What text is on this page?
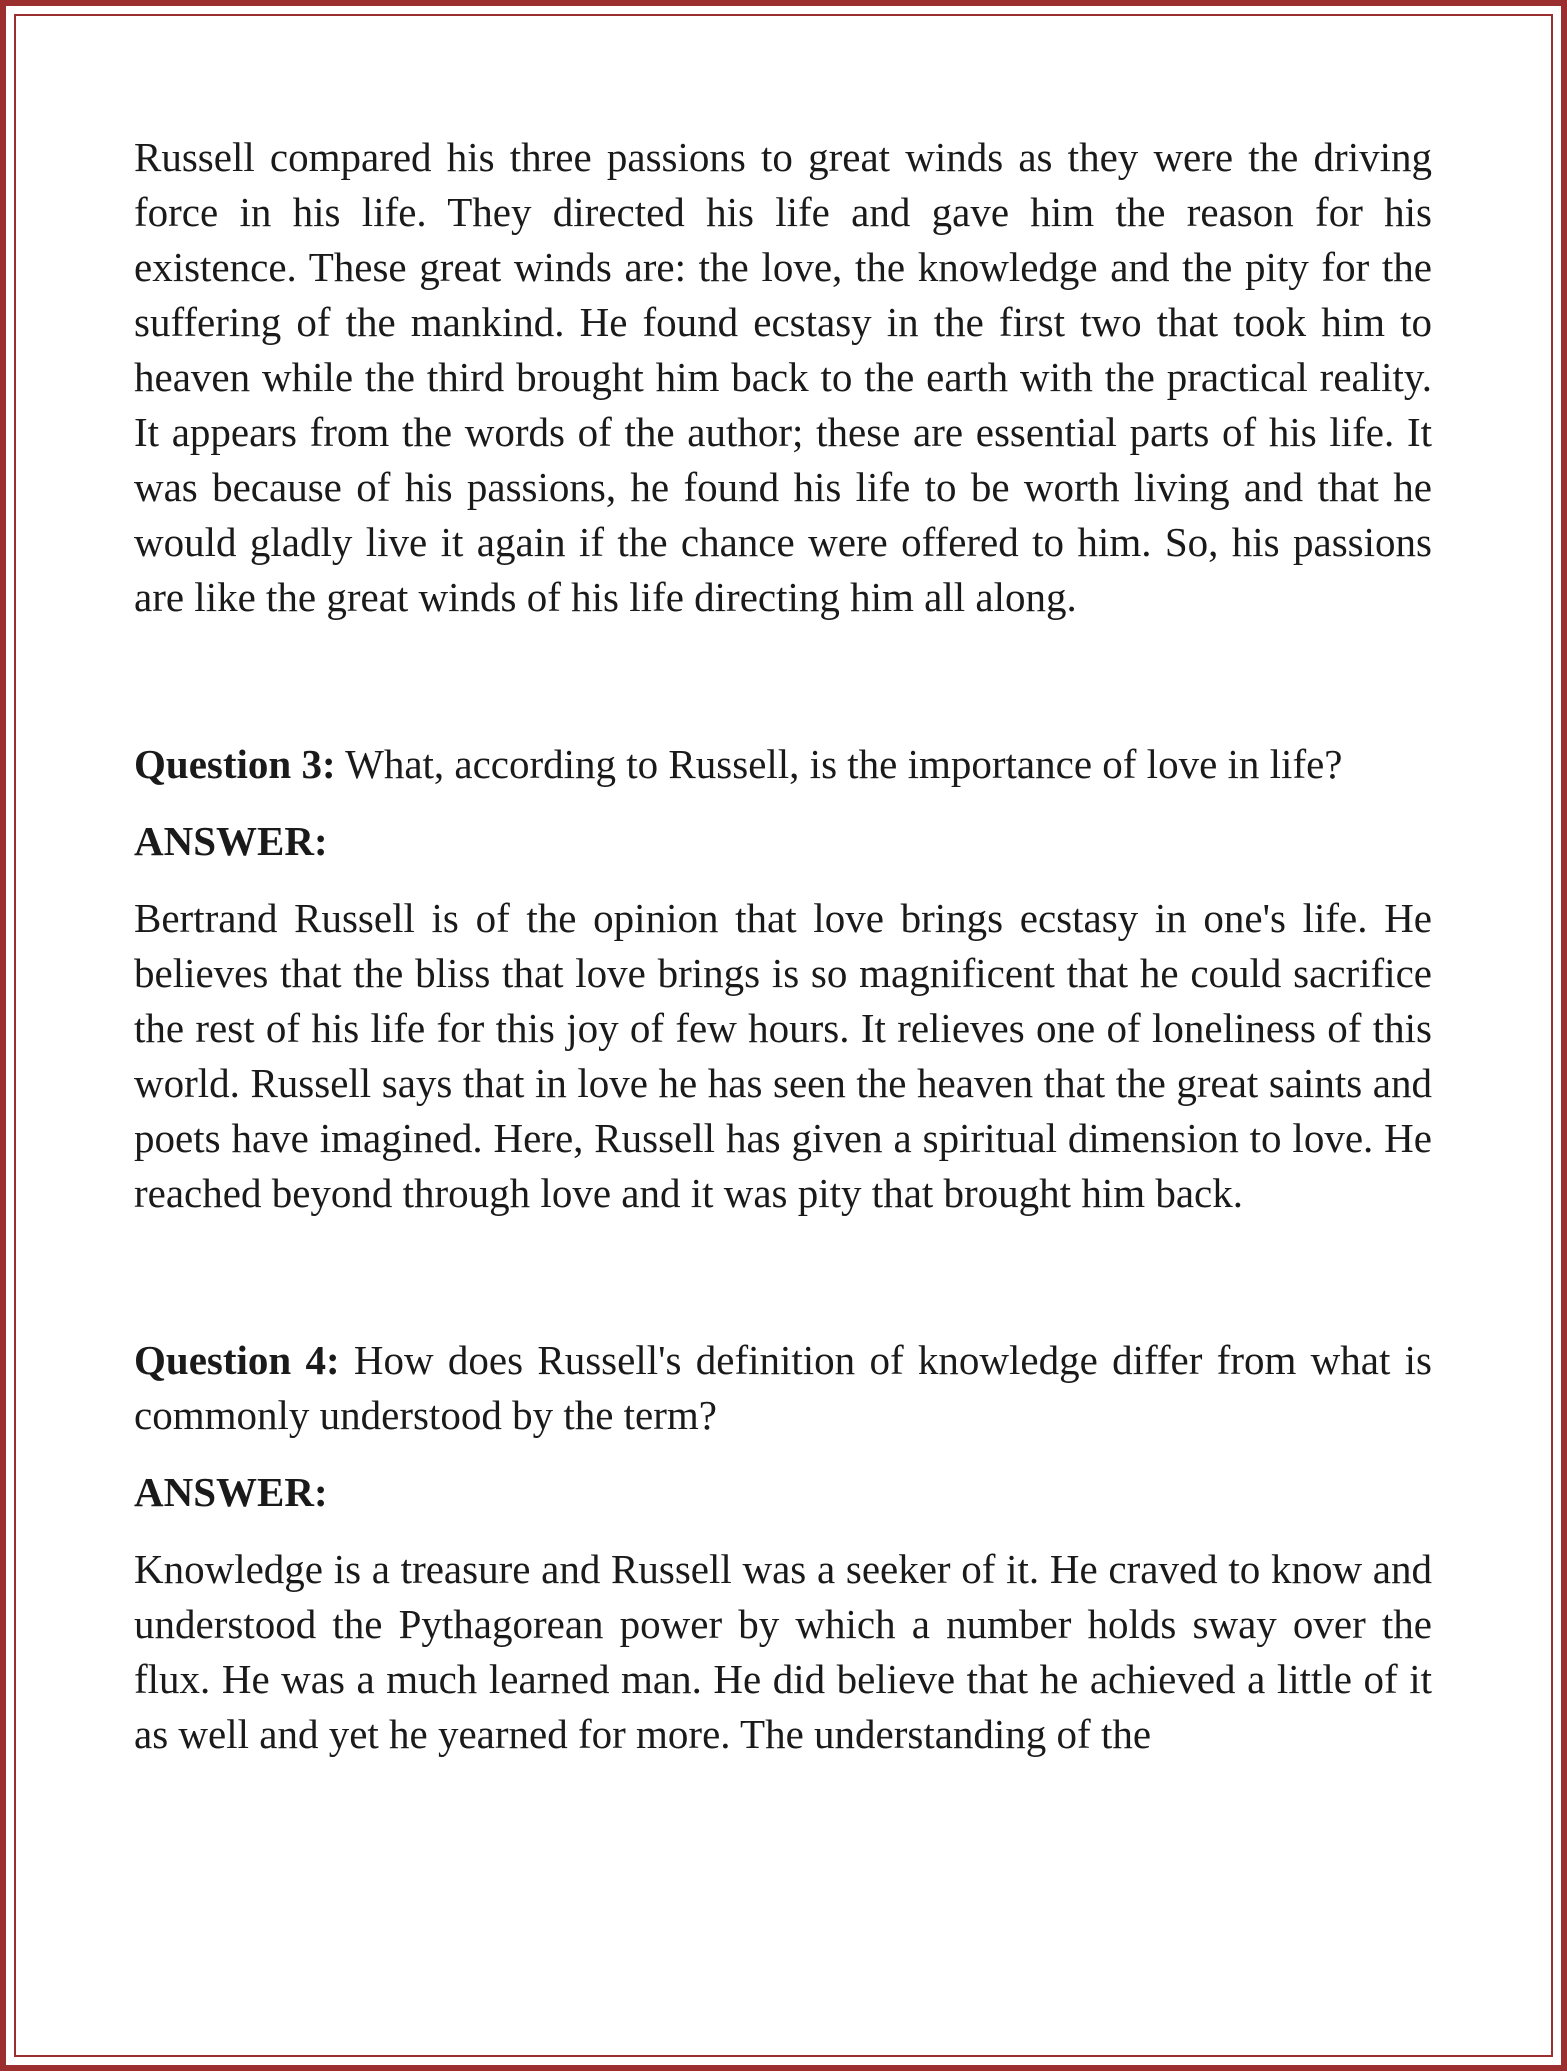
Russell compared his three passions to great winds as they were the driving force in his life. They directed his life and gave him the reason for his existence. These great winds are: the love, the knowledge and the pity for the suffering of the mankind. He found ecstasy in the first two that took him to heaven while the third brought him back to the earth with the practical reality. It appears from the words of the author; these are essential parts of his life. It was because of his passions, he found his life to be worth living and that he would gladly live it again if the chance were offered to him. So, his passions are like the great winds of his life directing him all along.

Question 3: What, according to Russell, is the importance of love in life?

ANSWER:

Bertrand Russell is of the opinion that love brings ecstasy in one's life. He believes that the bliss that love brings is so magnificent that he could sacrifice the rest of his life for this joy of few hours. It relieves one of loneliness of this world. Russell says that in love he has seen the heaven that the great saints and poets have imagined. Here, Russell has given a spiritual dimension to love. He reached beyond through love and it was pity that brought him back.

Question 4: How does Russell's definition of knowledge differ from what is commonly understood by the term?

ANSWER:

Knowledge is a treasure and Russell was a seeker of it. He craved to know and understood the Pythagorean power by which a number holds sway over the flux. He was a much learned man. He did believe that he achieved a little of it as well and yet he yearned for more. The understanding of the
